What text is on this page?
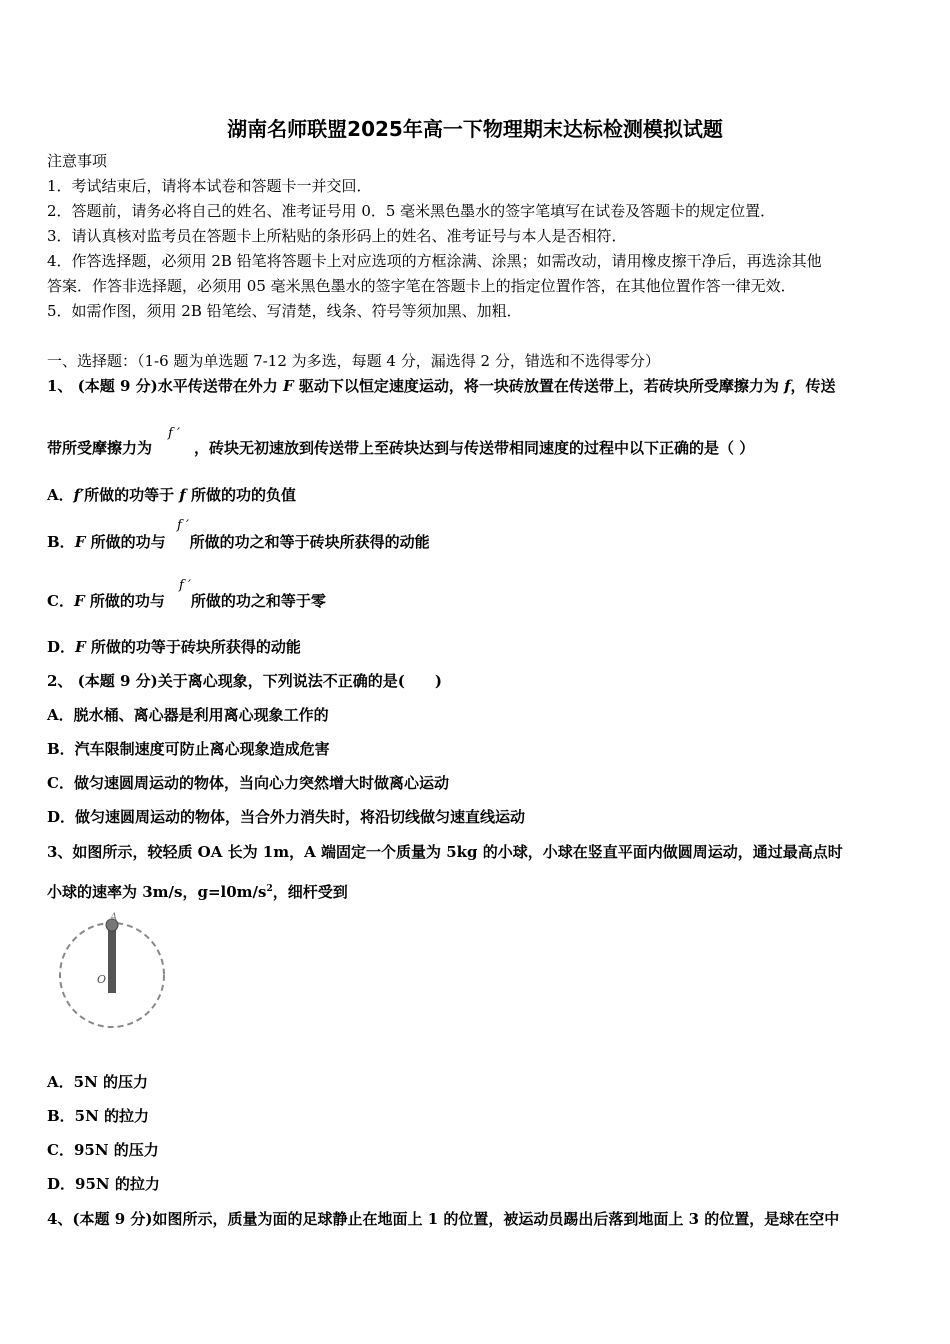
湖南名师联盟2025年高一下物理期末达标检测模拟试题
注意事项
1．考试结束后，请将本试卷和答题卡一并交回．
2．答题前，请务必将自己的姓名、准考证号用 0．5 毫米黑色墨水的签字笔填写在试卷及答题卡的规定位置．
3．请认真核对监考员在答题卡上所粘贴的条形码上的姓名、准考证号与本人是否相符．
4．作答选择题，必须用 2B 铅笔将答题卡上对应选项的方框涂满、涂黑；如需改动，请用橡皮擦干净后，再选涂其他
答案．作答非选择题，必须用 05 毫米黑色墨水的签字笔在答题卡上的指定位置作答，在其他位置作答一律无效．
5．如需作图，须用 2B 铅笔绘、写清楚，线条、符号等须加黑、加粗．
一、选择题：（1-6 题为单选题 7-12 为多选，每题 4 分，漏选得 2 分，错选和不选得零分）
1、 (本题 9 分)水平传送带在外力 F 驱动下以恒定速度运动，将一块砖放置在传送带上，若砖块所受摩擦力为 f，传送
带所受摩擦力为	，砖块无初速放到传送带上至砖块达到与传送带相同速度的过程中以下正确的是（ ）
f ′
A．f′所做的功等于 f 所做的功的负值
B．F 所做的功与 所做的功之和等于砖块所获得的动能
f ′
C．F 所做的功与 所做的功之和等于零
f ′
D．F 所做的功等于砖块所获得的动能
2、 (本题 9 分)关于离心现象，下列说法不正确的是(　　)
A．脱水桶、离心器是利用离心现象工作的
B．汽车限制速度可防止离心现象造成危害
C．做匀速圆周运动的物体，当向心力突然增大时做离心运动
D．做匀速圆周运动的物体，当合外力消失时，将沿切线做匀速直线运动
3、如图所示，较轻质 OA 长为 1m，A 端固定一个质量为 5kg 的小球，小球在竖直平面内做圆周运动，通过最高点时
小球的速率为 3m/s，$g=l0m/s^2$，细杆受到
A
O
A．5N 的压力
B．5N 的拉力
C．95N 的压力
D．95N 的拉力
4、(本题 9 分)如图所示，质量为面的足球静止在地面上 1 的位置，被运动员踢出后落到地面上 3 的位置，是球在空中
